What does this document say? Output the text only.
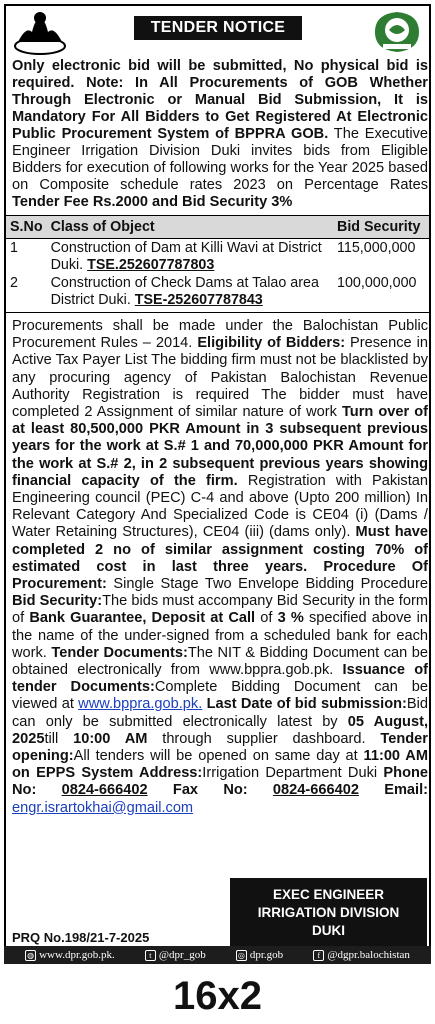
TENDER NOTICE
Only electronic bid will be submitted, No physical bid is required. Note: In All Procurements of GOB Whether Through Electronic or Manual Bid Submission, It is Mandatory For All Bidders to Get Registered At Electronic Public Procurement System of BPPRA GOB. The Executive Engineer Irrigation Division Duki invites bids from Eligible Bidders for execution of following works for the Year 2025 based on Composite schedule rates 2023 on Percentage Rates Tender Fee Rs.2000 and Bid Security 3%
S.No	Class of Object	Bid Security
1	Construction of Dam at Killi Wavi at District Duki. TSE.252607787803	115,000,000
2	Construction of Check Dams at Talao area District Duki. TSE-252607787843	100,000,000
Procurements shall be made under the Balochistan Public Procurement Rules – 2014. Eligibility of Bidders: Presence in Active Tax Payer List The bidding firm must not be blacklisted by any procuring agency of Pakistan Balochistan Revenue Authority Registration is required The bidder must have completed 2 Assignment of similar nature of work Turn over of at least 80,500,000 PKR Amount in 3 subsequent previous years for the work at S.# 1 and 70,000,000 PKR Amount for the work at S.# 2, in 2 subsequent previous years showing financial capacity of the firm. Registration with Pakistan Engineering council (PEC) C-4 and above (Upto 200 million) In Relevant Category And Specialized Code is CE04 (i) (Dams / Water Retaining Structures), CE04 (iii) (dams only). Must have completed 2 no of similar assignment costing 70% of estimated cost in last three years. Procedure Of Procurement: Single Stage Two Envelope Bidding Procedure Bid Security:The bids must accompany Bid Security in the form of Bank Guarantee, Deposit at Call of 3 % specified above in the name of the under-signed from a scheduled bank for each work. Tender Documents:The NIT & Bidding Document can be obtained electronically from www.bppra.gob.pk. Issuance of tender Documents:Complete Bidding Document can be viewed at www.bppra.gob.pk. Last Date of bid submission:Bid can only be submitted electronically latest by 05 August, 2025till 10:00 AM through supplier dashboard. Tender opening:All tenders will be opened on same day at 11:00 AM on EPPS System Address:Irrigation Department Duki Phone No: 0824-666402 Fax No: 0824-666402 Email: engr.isrartokhai@gmail.com
EXEC ENGINEER
IRRIGATION DIVISION
DUKI
PRQ No.198/21-7-2025
◍ www.dpr.gob.pk.	t @dpr_gob	◎ dpr.gob	f @dgpr.balochistan
16x2
